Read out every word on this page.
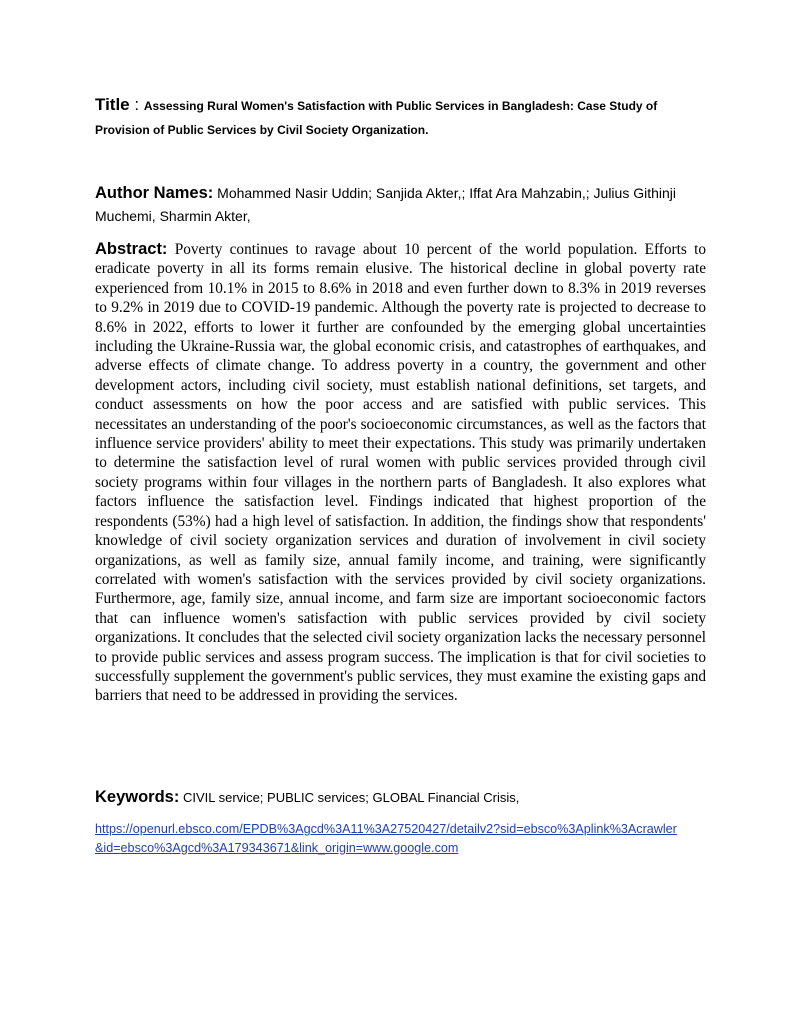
Title : Assessing Rural Women's Satisfaction with Public Services in Bangladesh: Case Study of Provision of Public Services by Civil Society Organization.
Author Names: Mohammed Nasir Uddin; Sanjida Akter,; Iffat Ara Mahzabin,; Julius Githinji Muchemi, Sharmin Akter,
Abstract: Poverty continues to ravage about 10 percent of the world population. Efforts to eradicate poverty in all its forms remain elusive. The historical decline in global poverty rate experienced from 10.1% in 2015 to 8.6% in 2018 and even further down to 8.3% in 2019 reverses to 9.2% in 2019 due to COVID-19 pandemic. Although the poverty rate is projected to decrease to 8.6% in 2022, efforts to lower it further are confounded by the emerging global uncertainties including the Ukraine-Russia war, the global economic crisis, and catastrophes of earthquakes, and adverse effects of climate change. To address poverty in a country, the government and other development actors, including civil society, must establish national definitions, set targets, and conduct assessments on how the poor access and are satisfied with public services. This necessitates an understanding of the poor's socioeconomic circumstances, as well as the factors that influence service providers' ability to meet their expectations. This study was primarily undertaken to determine the satisfaction level of rural women with public services provided through civil society programs within four villages in the northern parts of Bangladesh. It also explores what factors influence the satisfaction level. Findings indicated that highest proportion of the respondents (53%) had a high level of satisfaction. In addition, the findings show that respondents' knowledge of civil society organization services and duration of involvement in civil society organizations, as well as family size, annual family income, and training, were significantly correlated with women's satisfaction with the services provided by civil society organizations. Furthermore, age, family size, annual income, and farm size are important socioeconomic factors that can influence women's satisfaction with public services provided by civil society organizations. It concludes that the selected civil society organization lacks the necessary personnel to provide public services and assess program success. The implication is that for civil societies to successfully supplement the government's public services, they must examine the existing gaps and barriers that need to be addressed in providing the services.
Keywords: CIVIL service; PUBLIC services; GLOBAL Financial Crisis,
https://openurl.ebsco.com/EPDB%3Agcd%3A11%3A27520427/detailv2?sid=ebsco%3Aplink%3Acrawler
&id=ebsco%3Agcd%3A179343671&link_origin=www.google.com
